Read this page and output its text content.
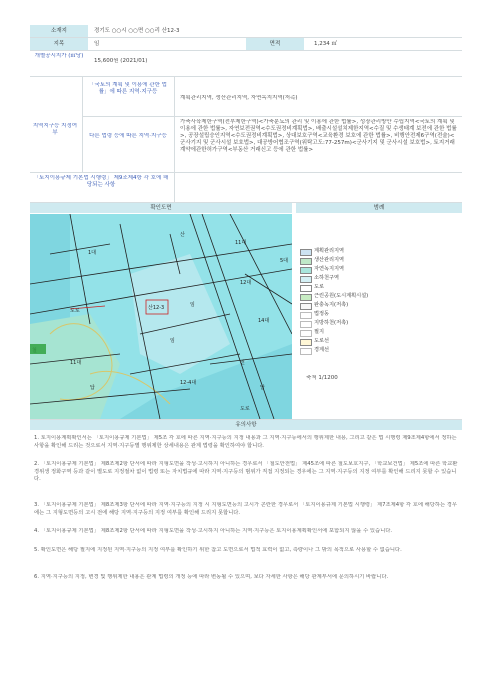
소재지	경기도 ○○시 ○○면 ○○리 산12-3
지목	임	면적	1,234 ㎡
개별공시지가 (㎡당)
15,600원 (2021/01)
지역지구등 지정여부
「국토의 계획 및 이용에 관한 법률」에 따른 지역·지구등
계획관리지역, 생산관리지역, 자연녹지지역(저촉)
다른 법령 등에 따른 지역·지구등
가축사육제한구역(전부제한구역)<가축분뇨의 관리 및 이용에 관한 법률>, 성장관리방안 수립지역<국토의 계획 및 이용에 관한 법률>, 자연보전권역<수도권정비계획법>, 배출시설설치제한지역<수질 및 수생태계 보전에 관한 법률>, 공장설립승인지역<수도권정비계획법>, 상대보호구역<교육환경 보호에 관한 법률>, 비행안전제6구역(전술)<군사기지 및 군사시설 보호법>, 대공방어협조구역(위탁고도:77-257m)<군사기지 및 군사시설 보호법>, 토지거래계약에관한허가구역<부동산 거래신고 등에 관한 법률>
「토지이용규제 기본법 시행령」 제9조제4항 각 호에 해당되는 사항
확인도면	범례
1대
산
11대
산12-3
12대
임
14대
도로
임
12-4대
전
답
11대
답
도로
5대
계획관리지역
생산관리지역
자연녹지지역
소하천구역
도로
근린공원(도시계획시설)
완충녹지(저촉)
법정동
지방하천(저촉)
필지
도로선
경계선
축척 1/1200
유의사항
1. 토지이용계획확인서는 「토지이용규제 기본법」 제5조 각 호에 따른 지역·지구등의 지정 내용과 그 지역·지구등에서의 행위제한 내용, 그리고 같은 법 시행령 제9조제4항에서 정하는 사항을 확인해 드리는 것으로서 지역·지구등별 행위제한 상세내용은 관계 법령을 확인하여야 합니다.
2. 「토지이용규제 기본법」 제8조제2항 단서에 따라 지형도면을 작성·고시하지 아니하는 경우로서 「철도안전법」 제45조에 따른 철도보호지구, 「학교보건법」 제5조에 따른 학교환경위생 정화구역 등과 같이 별도로 지정절차 없이 법령 또는 자치법규에 따라 지역·지구등의 범위가 직접 지정되는 경우에는 그 지역·지구등의 지정 여부를 확인해 드리지 못할 수 있습니다.
3. 「토지이용규제 기본법」 제8조제3항 단서에 따라 지역·지구등의 지정 시 지형도면등의 고시가 곤란한 경우로서 「토지이용규제 기본법 시행령」 제7조제4항 각 호에 해당하는 경우에는 그 지형도면등의 고시 전에 해당 지역·지구등의 지정 여부를 확인해 드리지 못합니다.
4. 「토지이용규제 기본법」 제8조제2항 단서에 따라 지형도면을 작성·고시하지 아니하는 지역·지구등은 토지이용계획확인서에 포함되지 않을 수 있습니다.
5. 확인도면은 해당 필지에 지정된 지역·지구등의 지정 여부를 확인하기 위한 참고 도면으로서 법적 효력이 없고, 측량이나 그 밖의 목적으로 사용할 수 없습니다.
6. 지역·지구등의 지정, 변경 및 행위제한 내용은 관계 법령의 개정 등에 따라 변동될 수 있으며, 보다 자세한 사항은 해당 관계부서에 문의하시기 바랍니다.
